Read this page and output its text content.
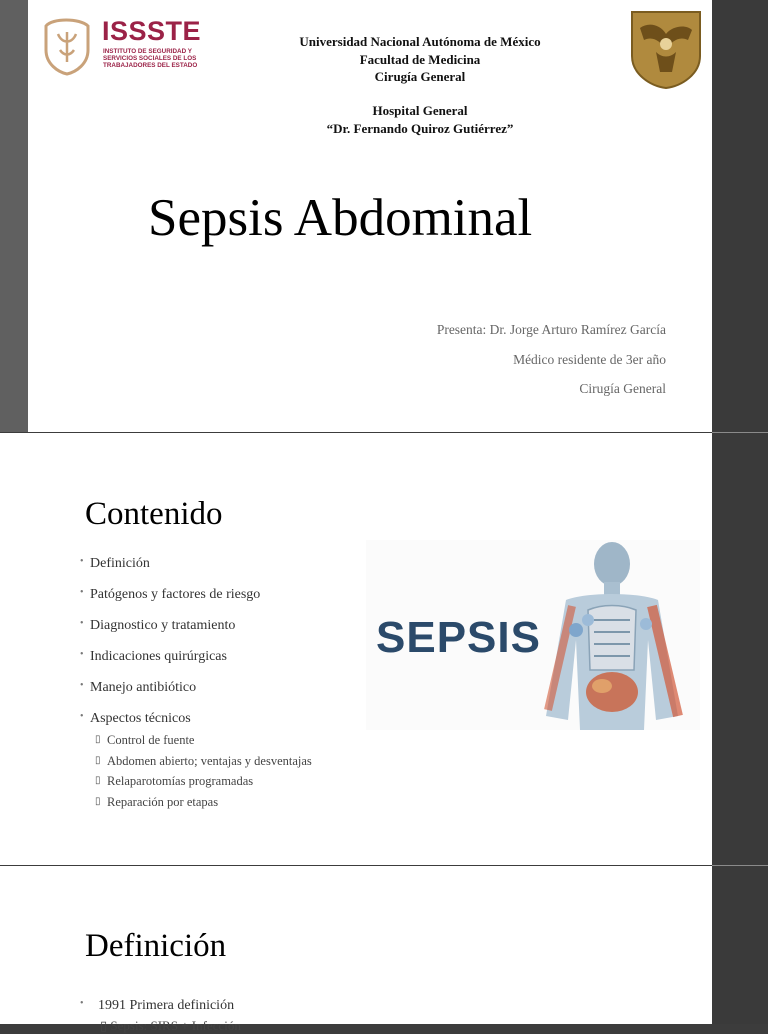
ISSSTE
INSTITUTO DE SEGURIDAD Y SERVICIOS SOCIALES DE LOS TRABAJADORES DEL ESTADO
Universidad Nacional Autónoma de México
Facultad de Medicina
Cirugía General
Hospital General
“Dr. Fernando Quiroz Gutiérrez”
Sepsis Abdominal
Presenta: Dr. Jorge Arturo Ramírez García
Médico residente de 3er año
Cirugía General
Contenido
• Definición
• Patógenos y factores de riesgo
• Diagnostico y tratamiento
• Indicaciones quirúrgicas
• Manejo antibiótico
• Aspectos técnicos
▯ Control de fuente
▯ Abdomen abierto; ventajas y desventajas
▯ Relaparotomías programadas
▯ Reparación por etapas
SEPSIS
Definición
• 1991 Primera definición
▯ Sepsis: SIRS + Infección
